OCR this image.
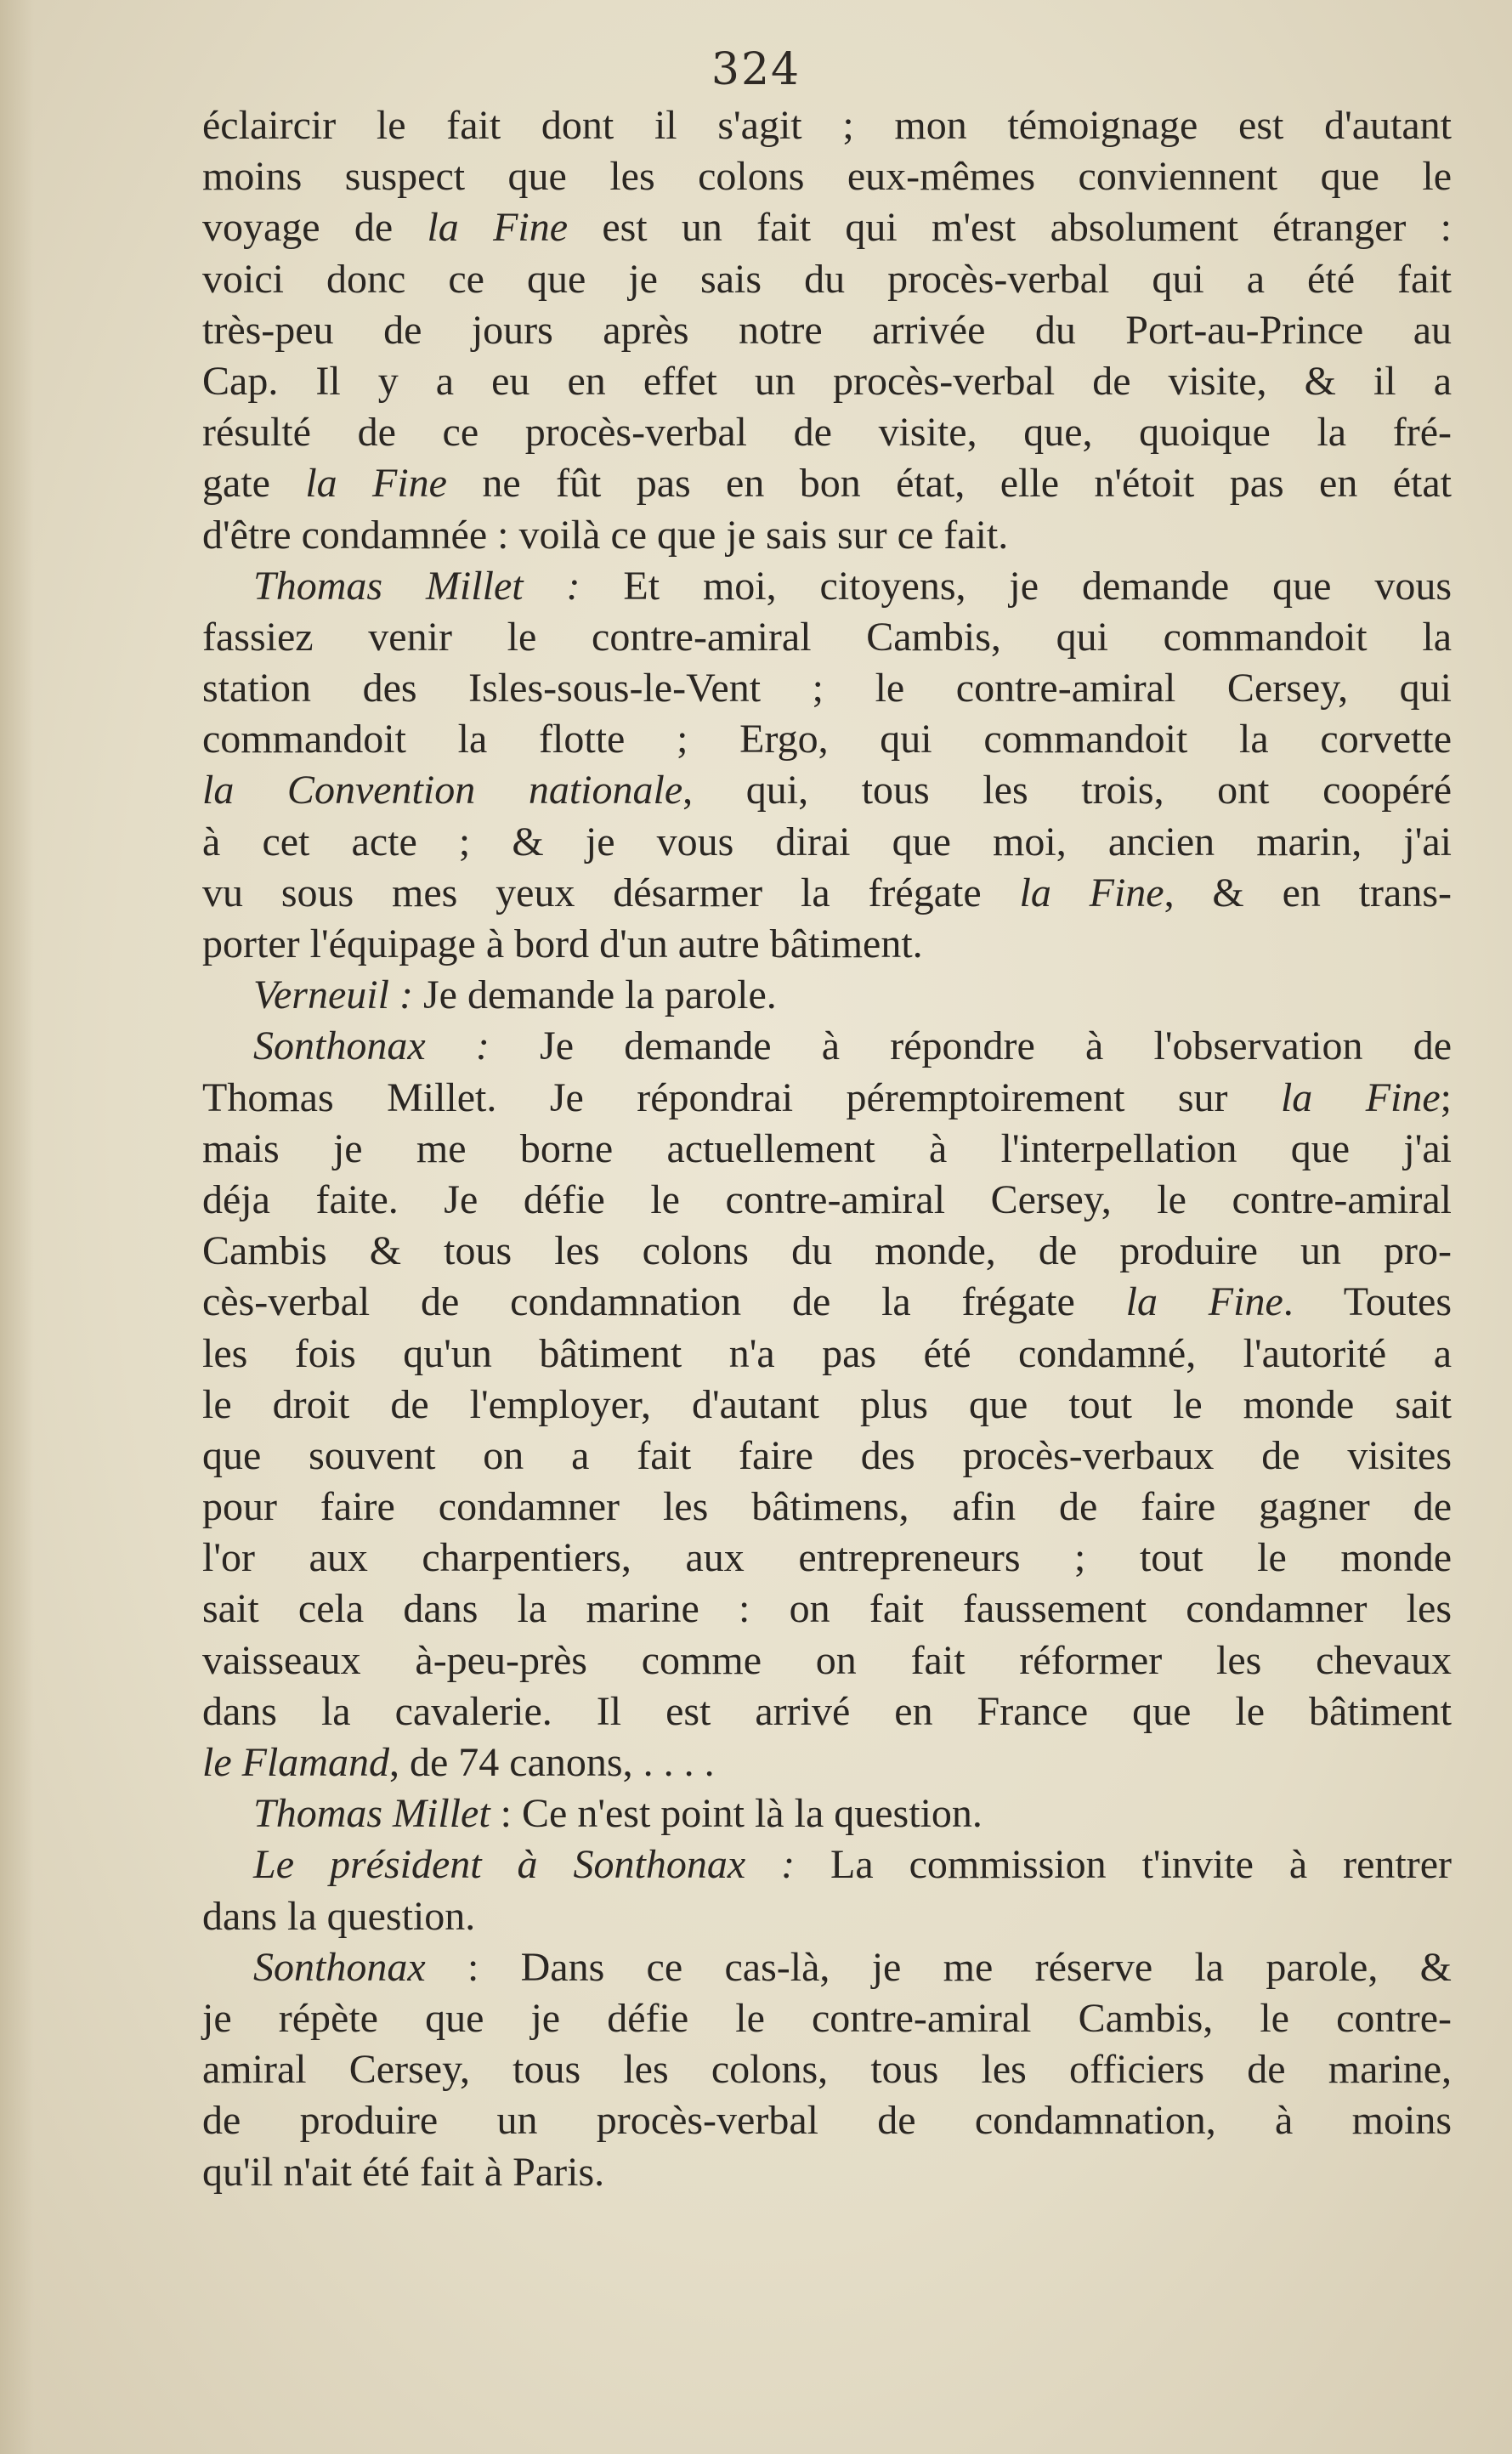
324
éclaircir le fait dont il s'agit ; mon témoignage est d'autant
moins suspect que les colons eux-mêmes conviennent que le
voyage de la Fine est un fait qui m'est absolument étranger :
voici donc ce que je sais du procès-verbal qui a été fait
très-peu de jours après notre arrivée du Port-au-Prince au
Cap. Il y a eu en effet un procès-verbal de visite, & il a
résulté de ce procès-verbal de visite, que, quoique la fré-
gate la Fine ne fût pas en bon état, elle n'étoit pas en état
d'être condamnée : voilà ce que je sais sur ce fait.
Thomas Millet : Et moi, citoyens, je demande que vous
fassiez venir le contre-amiral Cambis, qui commandoit la
station des Isles-sous-le-Vent ; le contre-amiral Cersey, qui
commandoit la flotte ; Ergo, qui commandoit la corvette
la Convention nationale, qui, tous les trois, ont coopéré
à cet acte ; & je vous dirai que moi, ancien marin, j'ai
vu sous mes yeux désarmer la frégate la Fine, & en trans-
porter l'équipage à bord d'un autre bâtiment.
Verneuil : Je demande la parole.
Sonthonax : Je demande à répondre à l'observation de
Thomas Millet. Je répondrai péremptoirement sur la Fine;
mais je me borne actuellement à l'interpellation que j'ai
déja faite. Je défie le contre-amiral Cersey, le contre-amiral
Cambis & tous les colons du monde, de produire un pro-
cès-verbal de condamnation de la frégate la Fine. Toutes
les fois qu'un bâtiment n'a pas été condamné, l'autorité a
le droit de l'employer, d'autant plus que tout le monde sait
que souvent on a fait faire des procès-verbaux de visites
pour faire condamner les bâtimens, afin de faire gagner de
l'or aux charpentiers, aux entrepreneurs ; tout le monde
sait cela dans la marine : on fait faussement condamner les
vaisseaux à-peu-près comme on fait réformer les chevaux
dans la cavalerie. Il est arrivé en France que le bâtiment
le Flamand, de 74 canons, . . . .
Thomas Millet : Ce n'est point là la question.
Le président à Sonthonax : La commission t'invite à rentrer
dans la question.
Sonthonax : Dans ce cas-là, je me réserve la parole, &
je répète que je défie le contre-amiral Cambis, le contre-
amiral Cersey, tous les colons, tous les officiers de marine,
de produire un procès-verbal de condamnation, à moins
qu'il n'ait été fait à Paris.
